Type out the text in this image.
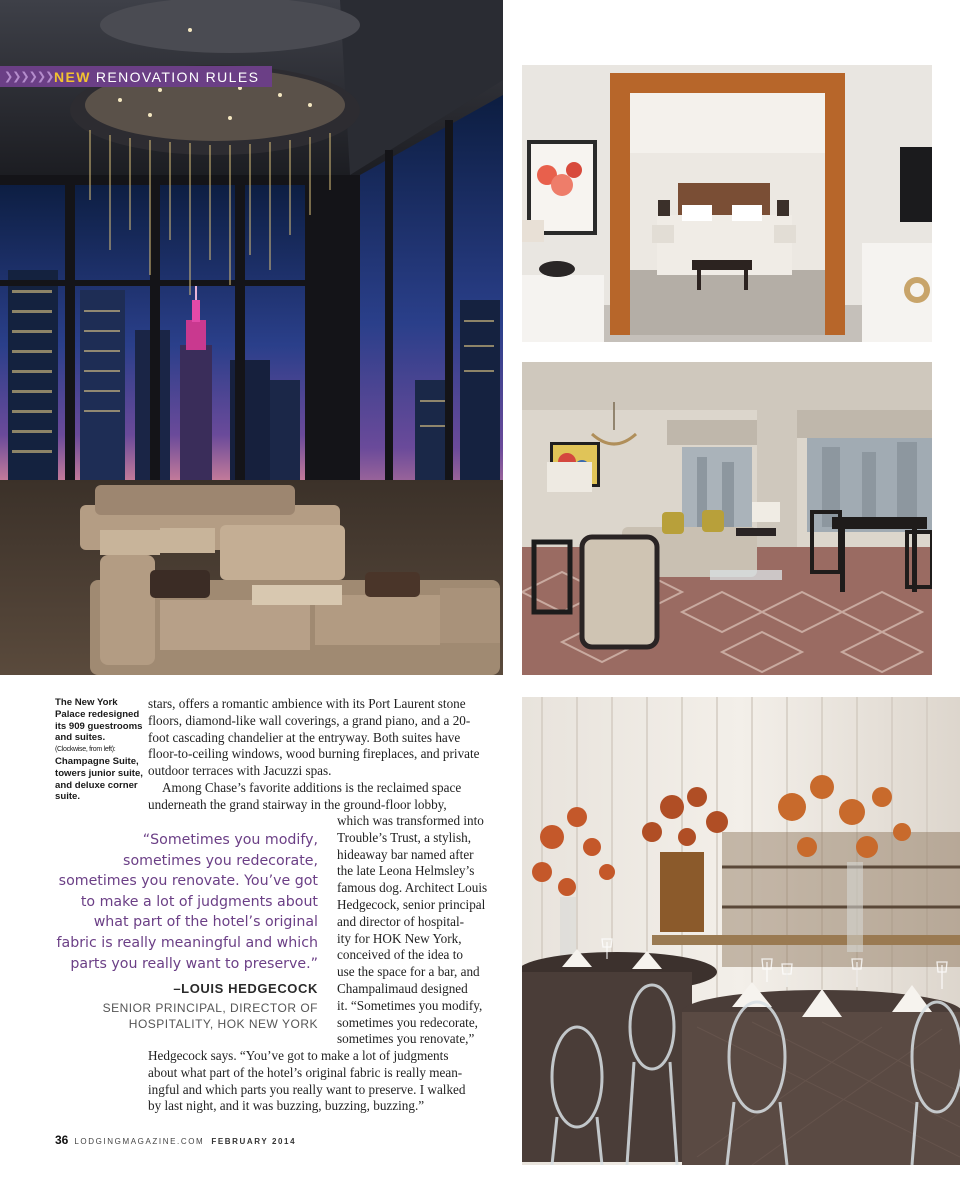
❯❯❯❯❯❯ NEW RENOVATION RULES
The New York Palace redesigned its 909 guestrooms and suites.
(Clockwise, from left):
Champagne Suite, towers junior suite, and deluxe corner suite.

stars, offers a romantic ambience with its Port Laurent stone
floors, diamond-like wall coverings, a grand piano, and a 20-
foot cascading chandelier at the entryway. Both suites have
floor-to-ceiling windows, wood burning fireplaces, and private
outdoor terraces with Jacuzzi spas.

Among Chase’s favorite additions is the reclaimed space
underneath the grand stairway in the ground-floor lobby,

which was transformed into
Trouble’s Trust, a stylish,
hideaway bar named after
the late Leona Helmsley’s
famous dog. Architect Louis
Hedgecock, senior principal
and director of hospital-
ity for HOK New York,
conceived of the idea to
use the space for a bar, and
Champalimaud designed
it. “Sometimes you modify,
sometimes you redecorate,
sometimes you renovate,”

Hedgecock says. “You’ve got to make a lot of judgments
about what part of the hotel’s original fabric is really mean-
ingful and which parts you really want to preserve. I walked
by last night, and it was buzzing, buzzing, buzzing.”

“Sometimes you modify,
sometimes you redecorate,
sometimes you renovate. You’ve got
to make a lot of judgments about
what part of the hotel’s original
fabric is really meaningful and which
parts you really want to preserve.”

–LOUIS HEDGECOCK
SENIOR PRINCIPAL, DIRECTOR OF
HOSPITALITY, HOK NEW YORK
36 LODGINGMAGAZINE.COM FEBRUARY 2014
